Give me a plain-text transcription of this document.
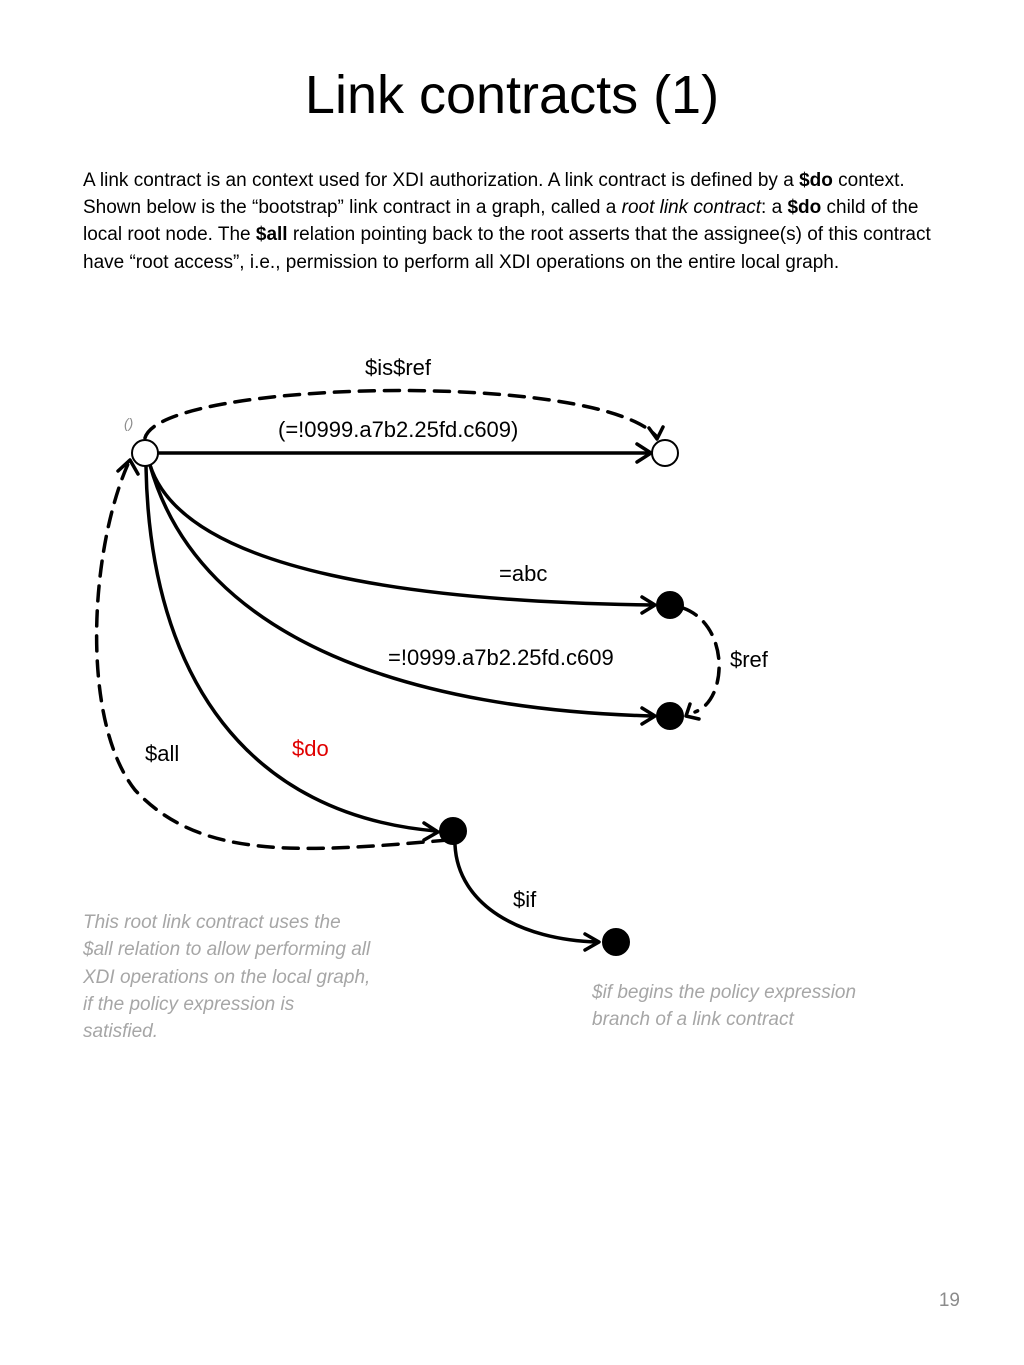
Link contracts (1)
A link contract is an context used for XDI authorization. A link contract is defined by a $do context. Shown below is the “bootstrap” link contract in a graph, called a root link contract: a $do child of the local root node. The $all relation pointing back to the root asserts that the assignee(s) of this contract have “root access”, i.e., permission to perform all XDI operations on the entire local graph.
()
$is$ref
(=!0999.a7b2.25fd.c609)
=abc
=!0999.a7b2.25fd.c609	$ref
$do
$all
$if
This root link contract uses the $all relation to allow performing all XDI operations on the local graph, if the policy expression is satisfied.
$if begins the policy expression branch of a link contract
19
